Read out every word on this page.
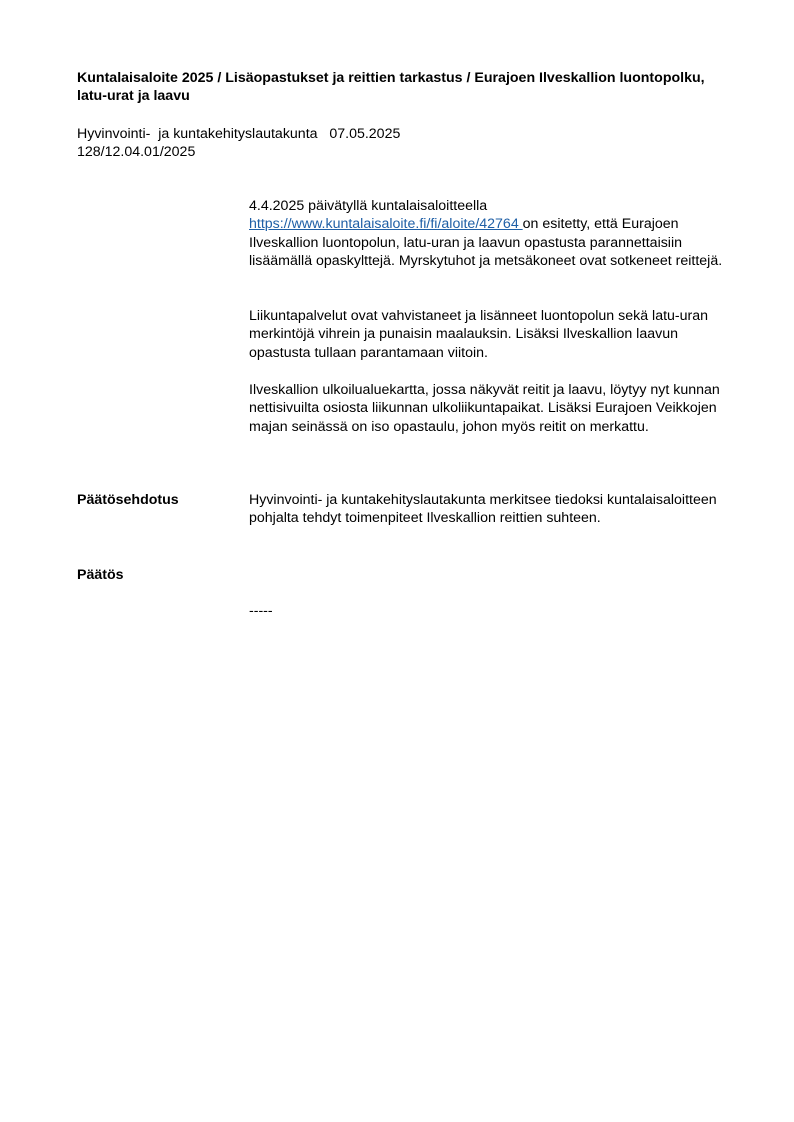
Kuntalaisaloite 2025 / Lisäopastukset ja reittien tarkastus / Eurajoen Ilveskallion luontopolku, latu-urat ja laavu
Hyvinvointi-  ja kuntakehityslautakunta   07.05.2025
128/12.04.01/2025

4.4.2025 päivätyllä kuntalaisaloitteella
https://www.kuntalaisaloite.fi/fi/aloite/42764 on esitetty, että Eurajoen Ilveskallion luontopolun, latu-uran ja laavun opastusta parannettaisiin lisäämällä opaskylttejä. Myrskytuhot ja metsäkoneet ovat sotkeneet reittejä.

Liikuntapalvelut ovat vahvistaneet ja lisänneet luontopolun sekä latu-uran merkintöjä vihrein ja punaisin maalauksin. Lisäksi Ilveskallion laavun opastusta tullaan parantamaan viitoin.

Ilveskallion ulkoilualuekartta, jossa näkyvät reitit ja laavu, löytyy nyt kunnan nettisivuilta osiosta liikunnan ulkoliikuntapaikat. Lisäksi Eurajoen Veikkojen majan seinässä on iso opastaulu, johon myös reitit on merkattu.

Päätösehdotus	Hyvinvointi- ja kuntakehityslautakunta merkitsee tiedoksi kuntalaisaloitteen pohjalta tehdyt toimenpiteet Ilveskallion reittien suhteen.

Päätös

-----
